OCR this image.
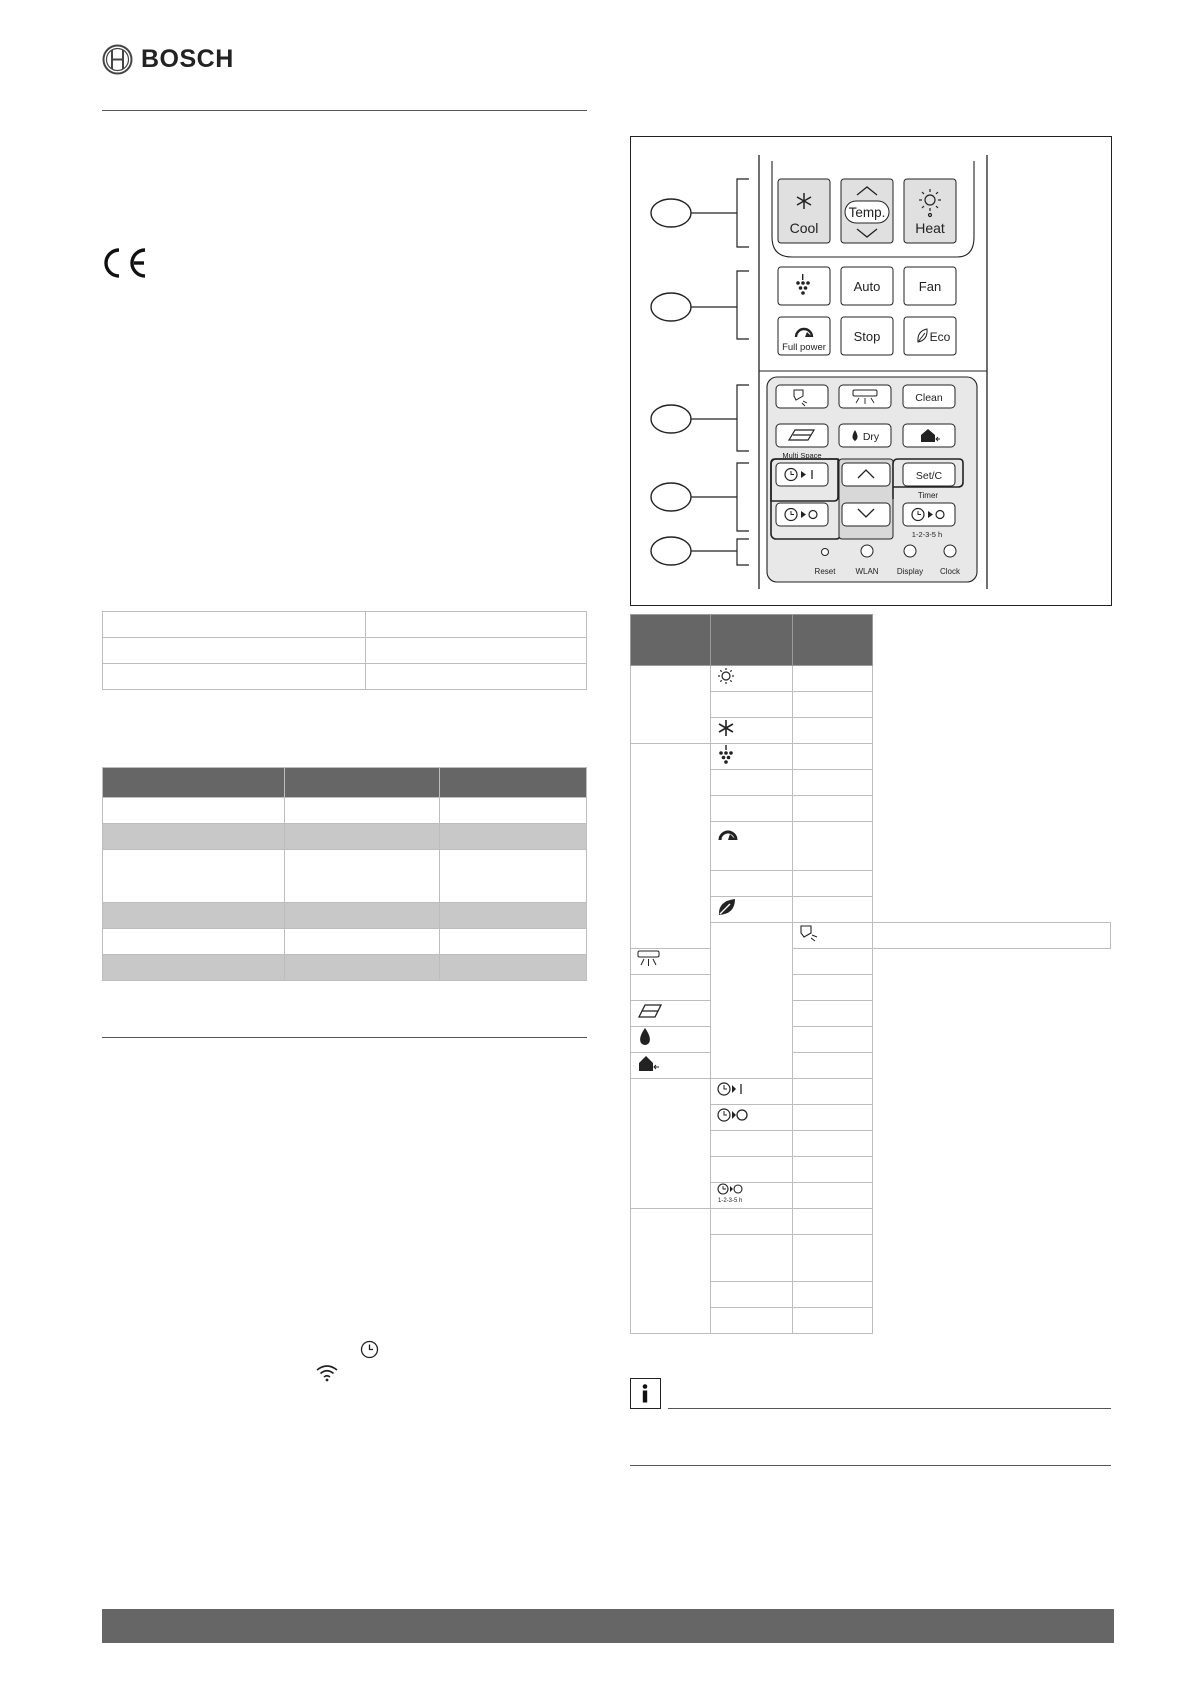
BOSCH

Cool
Temp.
Heat
Auto	Fan
Full power
Stop	Eco
Clean
Multi Space
Dry
Set/C
Timer
1-2-3-5 h
Reset WLAN Display Clock

1-2-3-5 h		
